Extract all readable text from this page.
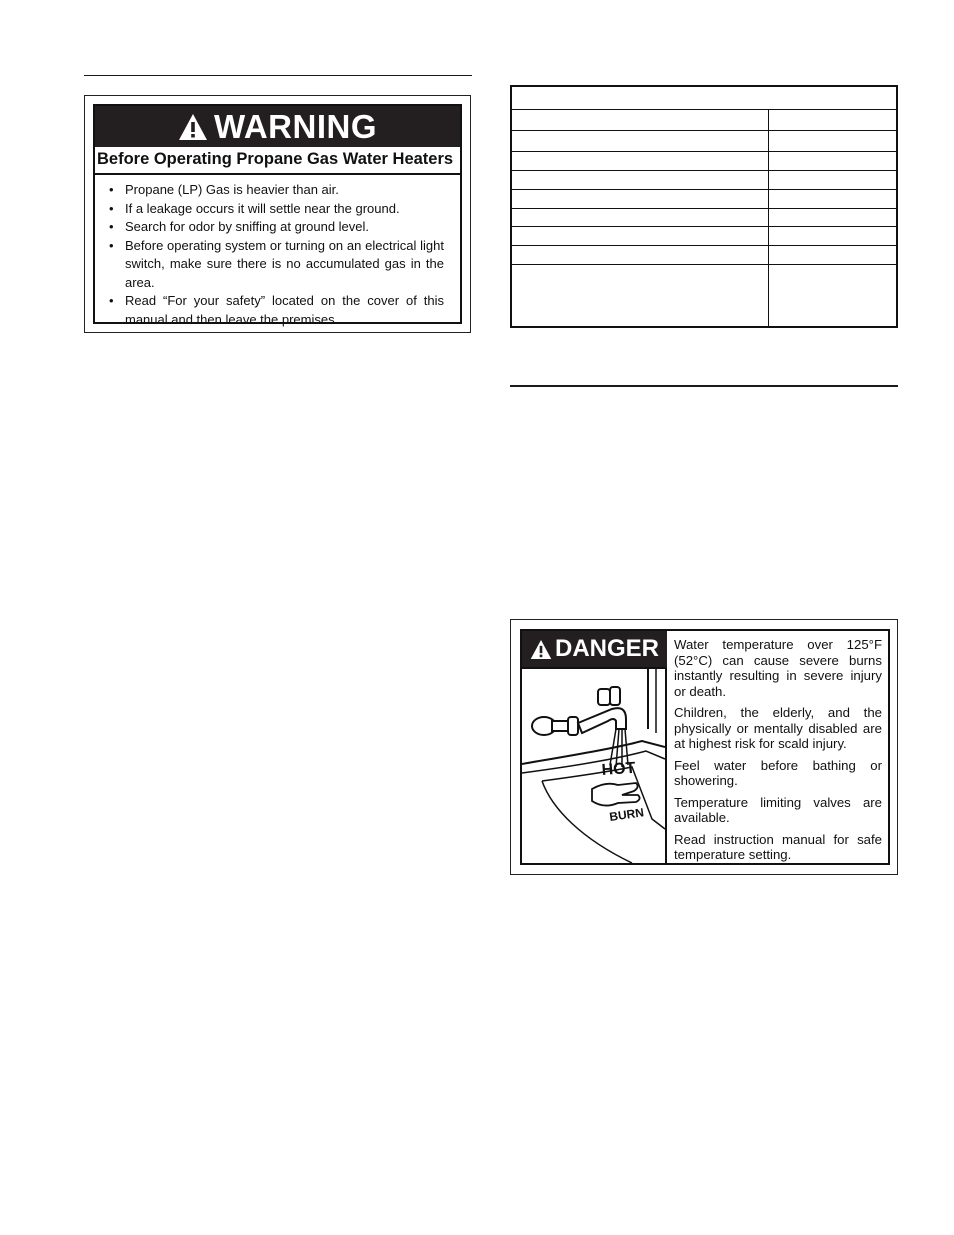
WARNING
Before Operating Propane Gas Water Heaters
• Propane (LP) Gas is heavier than air.
• If a leakage occurs it will settle near the ground.
• Search for odor by sniffing at ground level.
• Before operating system or turning on an electrical light switch, make sure there is no accumulated gas in the area.
• Read “For your safety” located on the cover of this manual and then leave the premises.
DANGER
HOT
BURN

Water temperature over 125°F (52°C) can cause severe burns instantly resulting in severe injury or death.

Children, the elderly, and the physically or mentally disabled are at highest risk for scald injury.

Feel water before bathing or showering.

Temperature limiting valves are available.

Read instruction manual for safe temperature setting.
